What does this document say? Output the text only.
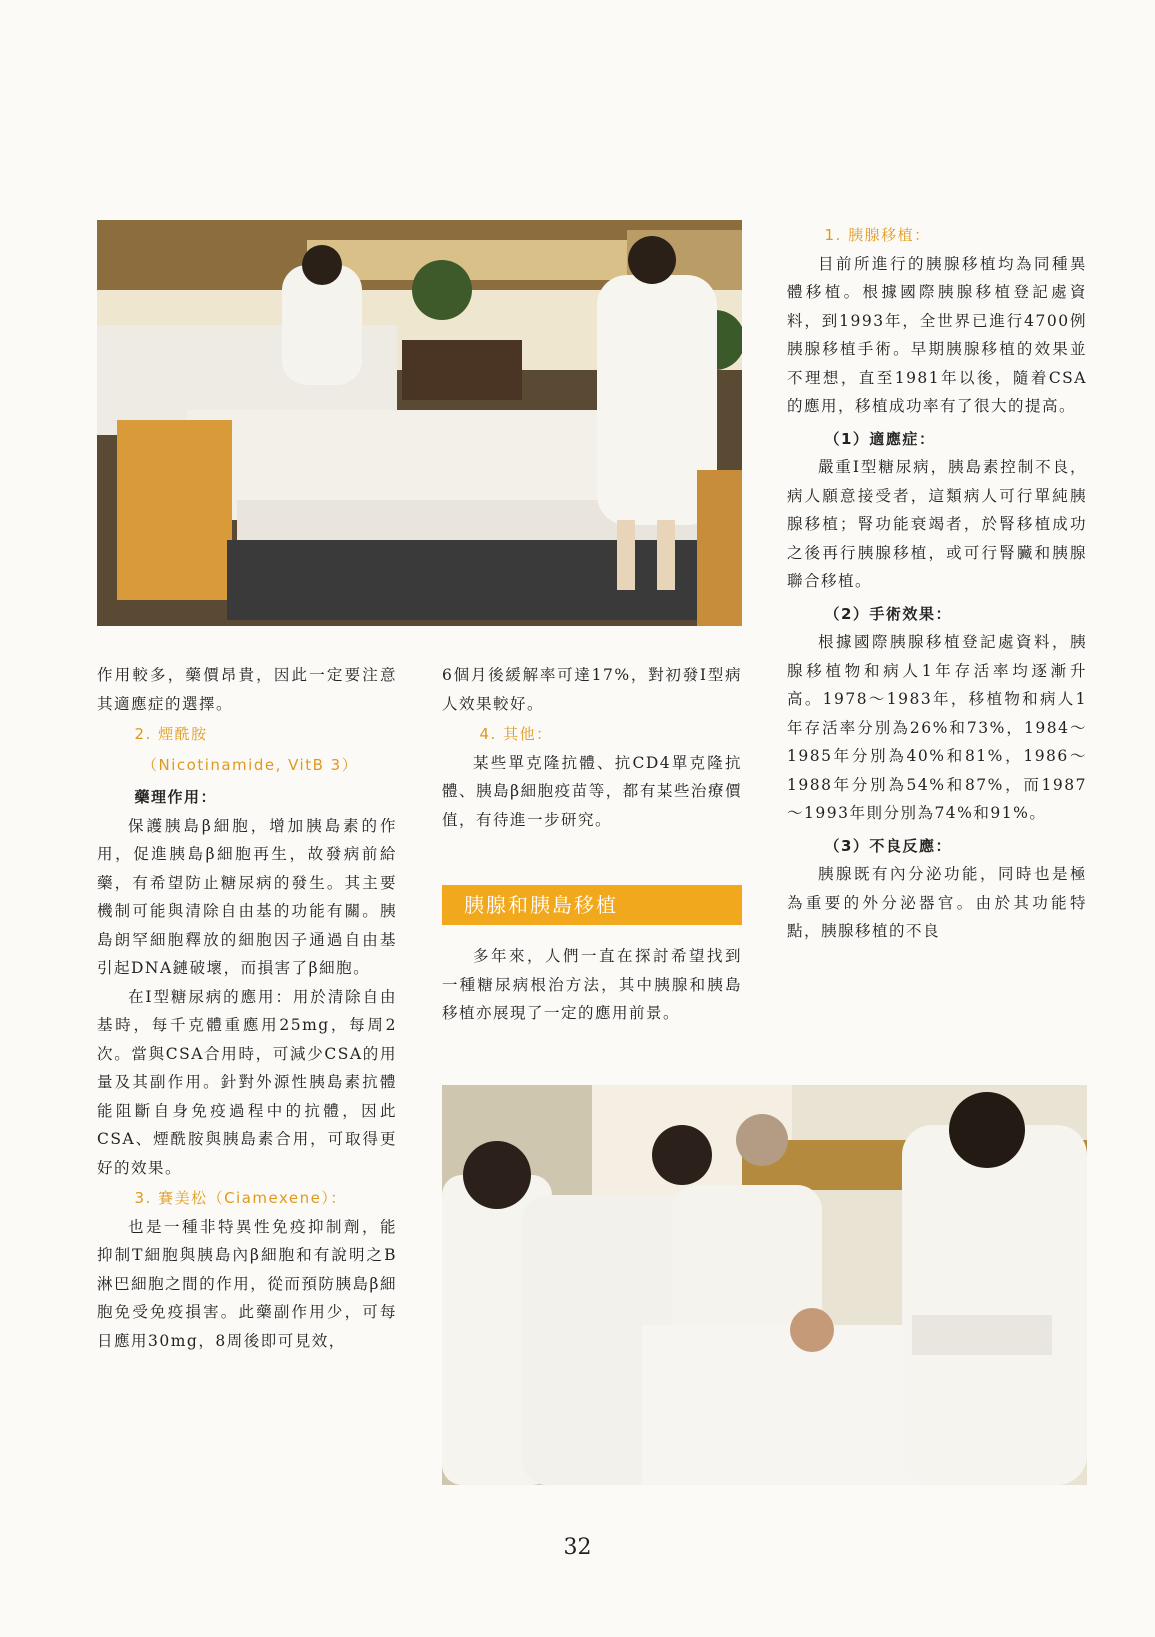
作用較多，藥價昂貴，因此一定要注意其適應症的選擇。

2. 煙酰胺
（Nicotinamide, VitB 3）
藥理作用：

保護胰島β細胞，增加胰島素的作用，促進胰島β細胞再生，故發病前給藥，有希望防止糖尿病的發生。其主要機制可能與清除自由基的功能有關。胰島朗罕細胞釋放的細胞因子通過自由基引起DNA鏈破壞，而損害了β細胞。

在Ⅰ型糖尿病的應用：用於清除自由基時，每千克體重應用25mg，每周2次。當與CSA合用時，可減少CSA的用量及其副作用。針對外源性胰島素抗體能阻斷自身免疫過程中的抗體，因此CSA、煙酰胺與胰島素合用，可取得更好的效果。

3. 賽美松（Ciamexene）：

也是一種非特異性免疫抑制劑，能抑制T細胞與胰島內β細胞和有說明之B淋巴細胞之間的作用，從而預防胰島β細胞免受免疫損害。此藥副作用少，可每日應用30mg，8周後即可見效，

6個月後緩解率可達17%，對初發Ⅰ型病人效果較好。

4. 其他：

某些單克隆抗體、抗CD4單克隆抗體、胰島β細胞疫苗等，都有某些治療價值，有待進一步研究。

胰腺和胰島移植

多年來，人們一直在探討希望找到一種糖尿病根治方法，其中胰腺和胰島移植亦展現了一定的應用前景。

1. 胰腺移植：

目前所進行的胰腺移植均為同種異體移植。根據國際胰腺移植登記處資料，到1993年，全世界已進行4700例胰腺移植手術。早期胰腺移植的效果並不理想，直至1981年以後，隨着CSA的應用，移植成功率有了很大的提高。

（1）適應症：

嚴重Ⅰ型糖尿病，胰島素控制不良，病人願意接受者，這類病人可行單純胰腺移植；腎功能衰竭者，於腎移植成功之後再行胰腺移植，或可行腎臟和胰腺聯合移植。

（2）手術效果：

根據國際胰腺移植登記處資料，胰腺移植物和病人1年存活率均逐漸升高。1978～1983年，移植物和病人1年存活率分別為26%和73%，1984～1985年分別為40%和81%，1986～1988年分別為54%和87%，而1987～1993年則分別為74%和91%。

（3）不良反應：

胰腺既有內分泌功能，同時也是極為重要的外分泌器官。由於其功能特點，胰腺移植的不良

32
